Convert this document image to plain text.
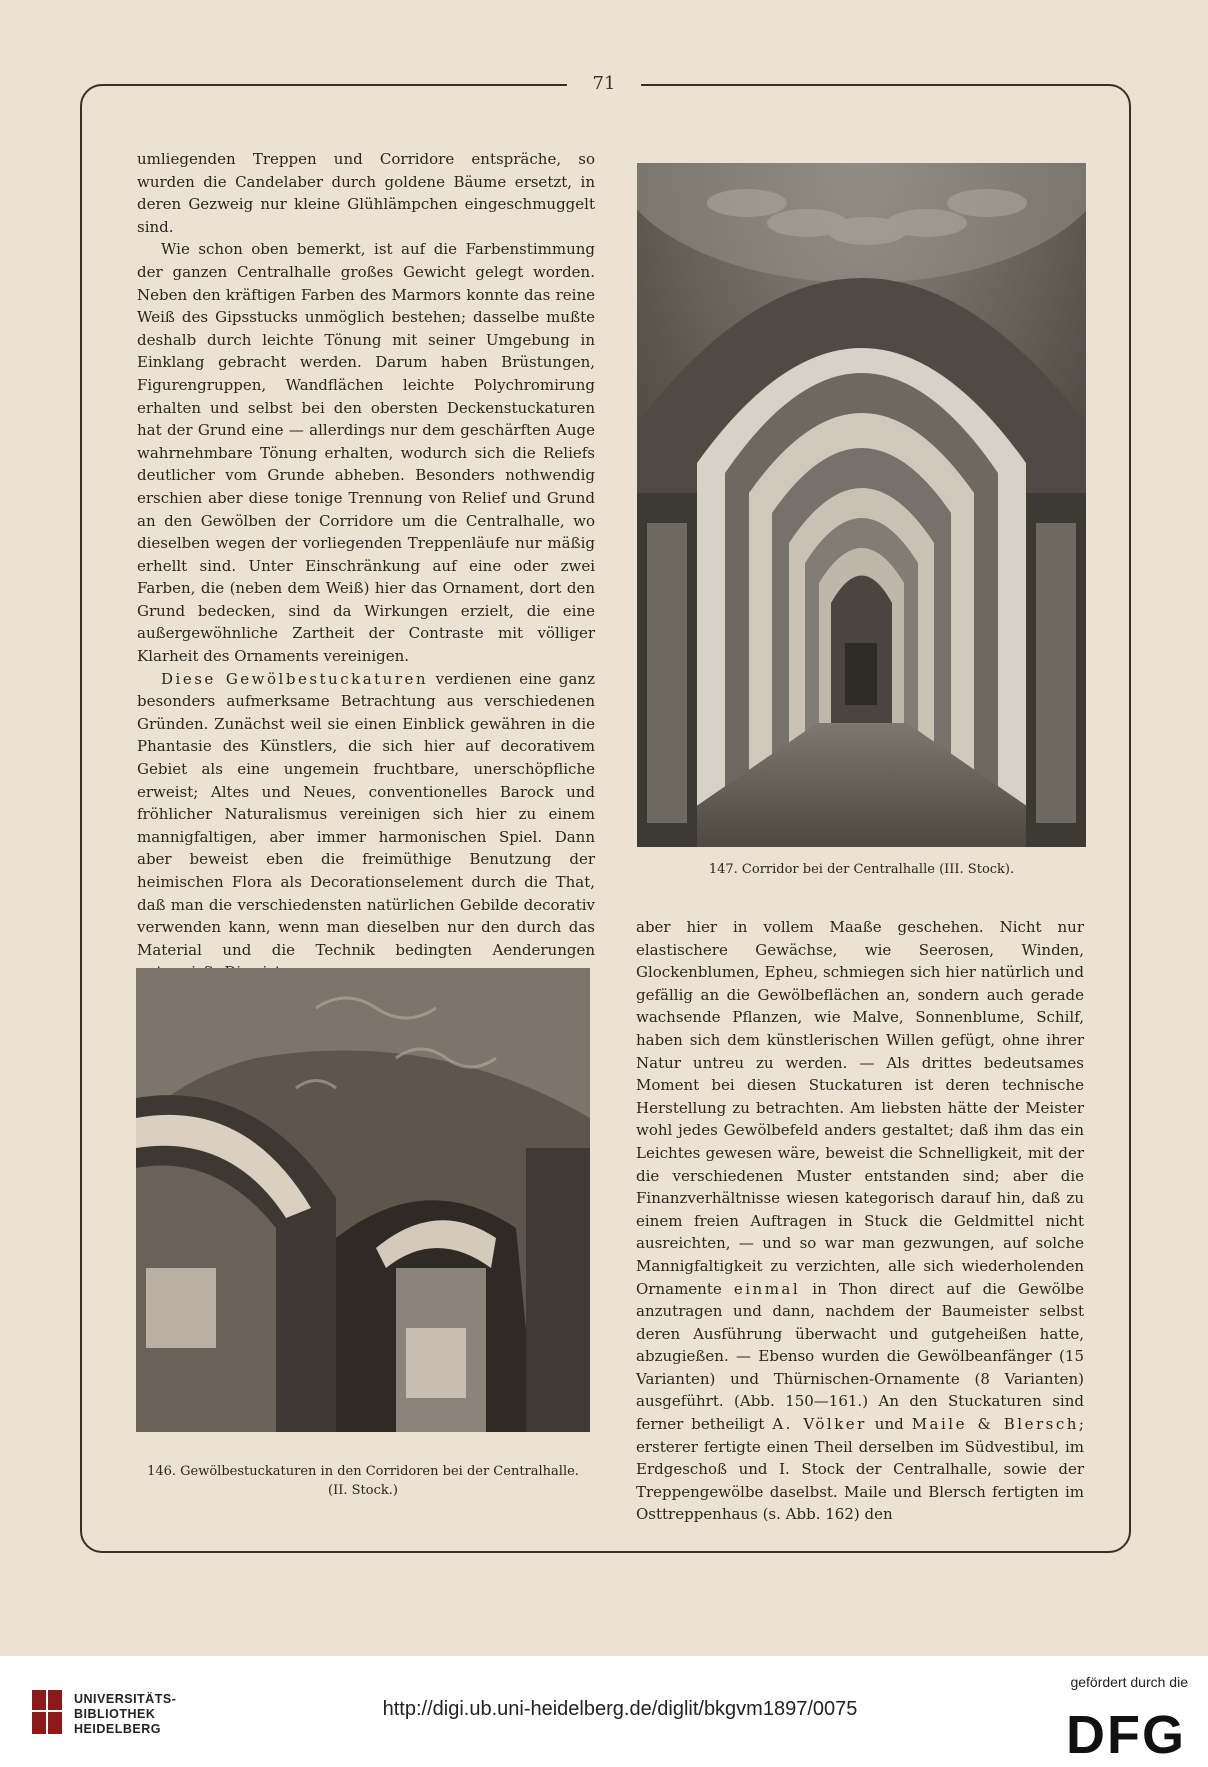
71

umliegenden Treppen und Corridore entspräche, so wurden die Candelaber durch goldene Bäume ersetzt, in deren Gezweig nur kleine Glühlämpchen eingeschmuggelt sind.

Wie schon oben bemerkt, ist auf die Farbenstimmung der ganzen Centralhalle großes Gewicht gelegt worden. Neben den kräftigen Farben des Marmors konnte das reine Weiß des Gipsstucks unmöglich bestehen; dasselbe mußte deshalb durch leichte Tönung mit seiner Umgebung in Einklang gebracht werden. Darum haben Brüstungen, Figurengruppen, Wandflächen leichte Polychromirung erhalten und selbst bei den obersten Deckenstuckaturen hat der Grund eine — allerdings nur dem geschärften Auge wahrnehmbare Tönung erhalten, wodurch sich die Reliefs deutlicher vom Grunde abheben. Besonders nothwendig erschien aber diese tonige Trennung von Relief und Grund an den Gewölben der Corridore um die Centralhalle, wo dieselben wegen der vorliegenden Treppenläufe nur mäßig erhellt sind. Unter Einschränkung auf eine oder zwei Farben, die (neben dem Weiß) hier das Ornament, dort den Grund bedecken, sind da Wirkungen erzielt, die eine außergewöhnliche Zartheit der Contraste mit völliger Klarheit des Ornaments vereinigen.

Diese Gewölbestuckaturen verdienen eine ganz besonders aufmerksame Betrachtung aus verschiedenen Gründen. Zunächst weil sie einen Einblick gewähren in die Phantasie des Künstlers, die sich hier auf decorativem Gebiet als eine ungemein fruchtbare, unerschöpfliche erweist; Altes und Neues, conventionelles Barock und fröhlicher Naturalismus vereinigen sich hier zu einem mannigfaltigen, aber immer harmonischen Spiel. Dann aber beweist eben die freimüthige Benutzung der heimischen Flora als Decorationselement durch die That, daß man die verschiedensten natürlichen Gebilde decorativ verwenden kann, wenn man dieselben nur den durch das Material und die Technik bedingten Aenderungen

147. Corridor bei der Centralhalle (III. Stock).

aber hier in vollem Maaße geschehen. Nicht nur elastischere Gewächse, wie Seerosen, Winden, Glockenblumen, Epheu, schmiegen sich hier natürlich und gefällig an die Gewölbeflächen an, sondern auch gerade wachsende Pflanzen, wie Malve, Sonnenblume, Schilf, haben sich dem künstlerischen Willen gefügt, ohne ihrer Natur untreu zu werden. — Als drittes bedeutsames Moment bei diesen Stuckaturen ist deren technische Herstellung zu betrachten. Am liebsten hätte der Meister wohl jedes Gewölbefeld anders gestaltet; daß ihm das ein Leichtes gewesen wäre, beweist die Schnelligkeit, mit der die verschiedenen Muster entstanden sind; aber die Finanzverhältnisse wiesen kategorisch darauf hin, daß zu einem freien Auftragen in Stuck die Geldmittel nicht ausreichten, — und so war man gezwungen, auf solche Mannigfaltigkeit zu verzichten, alle sich wiederholenden Ornamente einmal in Thon direct auf die Gewölbe anzutragen und dann, nachdem der Baumeister selbst deren Ausführung überwacht und gutgeheißen hatte, abzugießen. — Ebenso wurden die Gewölbeanfänger (15 Varianten) und Thürnischen-Ornamente (8 Varianten) ausgeführt. (Abb. 150—161.) An den Stuckaturen sind ferner betheiligt A. Völker und Maile & Blersch; ersterer fertigte einen Theil derselben im Südvestibul, im Erdgeschoß und I. Stock der Centralhalle, sowie der Treppengewölbe daselbst. Maile und Blersch fertigten im Osttreppenhaus (s. Abb. 162) den

146. Gewölbestuckaturen in den Corridoren bei der Centralhalle.
(II. Stock.)
UNIVERSITÄTS-
BIBLIOTHEK
HEIDELBERG
http://digi.ub.uni-heidelberg.de/diglit/bkgvm1897/0075
gefördert durch die
DFG
